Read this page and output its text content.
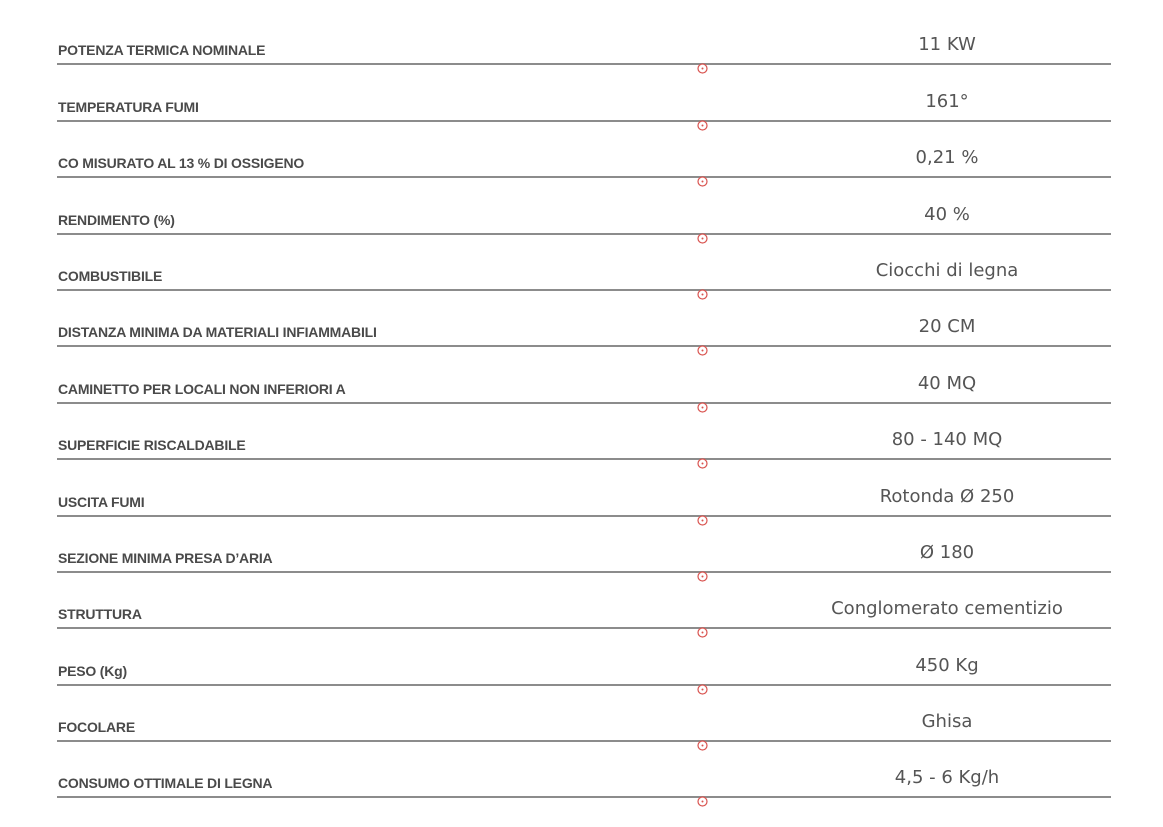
POTENZA TERMICA NOMINALE	11 KW
TEMPERATURA FUMI	161°
CO MISURATO AL 13 % DI OSSIGENO	0,21 %
RENDIMENTO (%)	40 %
COMBUSTIBILE	Ciocchi di legna
DISTANZA MINIMA DA MATERIALI INFIAMMABILI	20 CM
CAMINETTO PER LOCALI NON INFERIORI A	40 MQ
SUPERFICIE RISCALDABILE	80 - 140 MQ
USCITA FUMI	Rotonda Ø 250
SEZIONE MINIMA PRESA D’ARIA	Ø 180
STRUTTURA	Conglomerato cementizio
PESO (Kg)	450 Kg
FOCOLARE	Ghisa
CONSUMO OTTIMALE DI LEGNA	4,5 - 6 Kg/h
